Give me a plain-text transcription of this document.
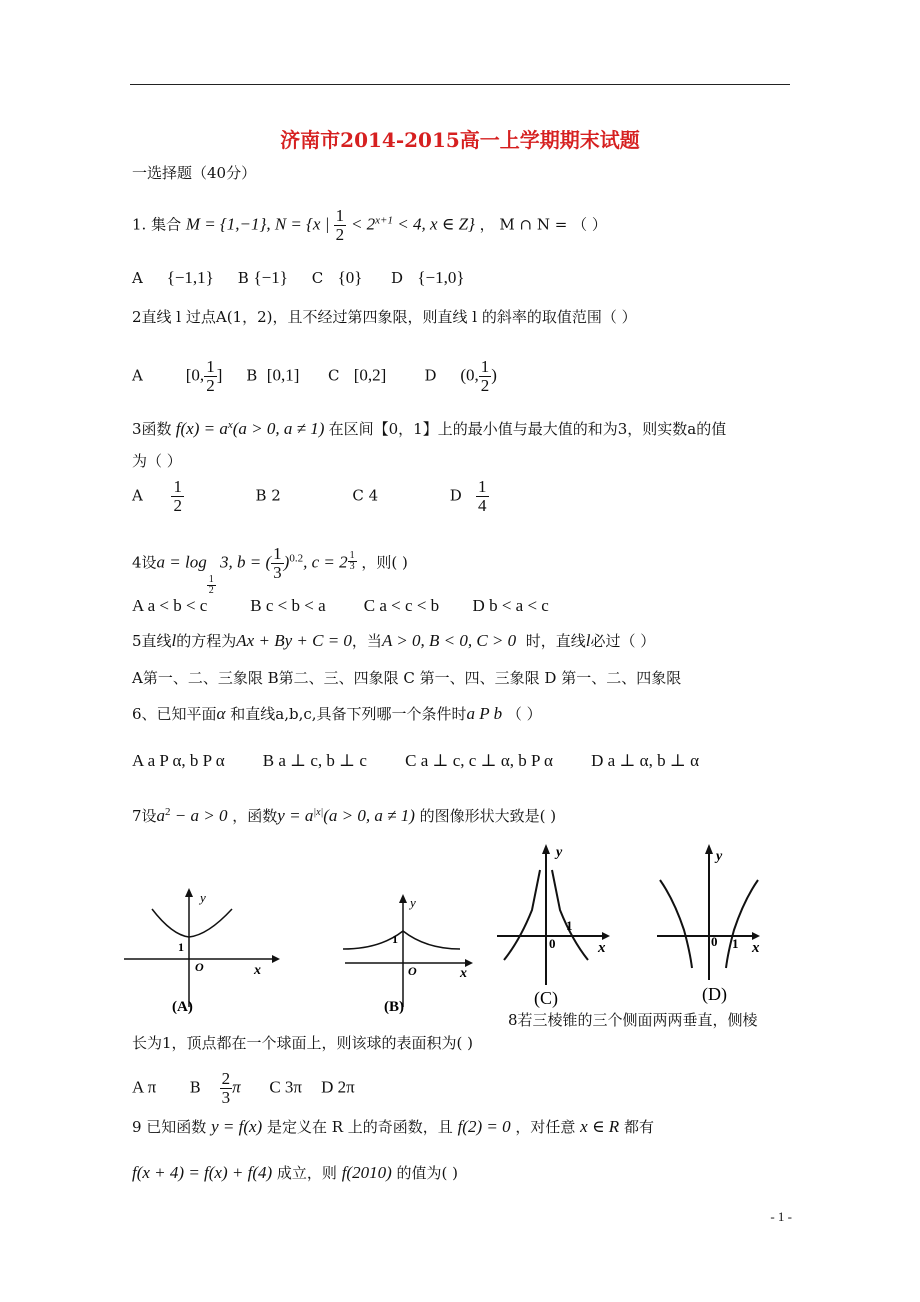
济南市2014-2015高一上学期期末试题
一选择题（40分）
1. 集合 M = {1,−1}, N = {x | $\frac{1}{2} < 2^{x+1} < 4$, x ∈ Z} ， M ∩ N = （ ）
A {−1,1} B {−1} C {0} D {−1,0}
2直线 l 过点A(1，2)，且不经过第四象限，则直线 l 的斜率的取值范围（ ）
A	[0, $\frac{1}{2}$ ] B [0,1] C [0,2]	D (0, $\frac{1}{2}$ )
3函数 $f(x) = a^x(a > 0$, a ≠ 1) 在区间【0，1】上的最小值与最大值的和为3，则实数a的值
为（ ）
A $\frac{1}{2}$	B 2	C 4	D $\frac{1}{4}$
4设a = log
$\frac{1}{2}$
3, b = ( $\frac{1}{3} )^{0.2}$, $c = 2 \frac{1}{3}$ ，则( )
A a < b < c	B c < b < a C a < c < b D b < a < c
5直线l的方程为Ax + By + C = 0，当A > 0, B < 0, C > 0 时，直线l必过（ ）
A第一、二、三象限 B第二、三、四象限 C 第一、四、三象限 D 第一、二、四象限
6、已知平面α 和直线a,b,c,具备下列哪一个条件时a P b （ ）
A a P α, b P α B a ⊥ c, b ⊥ c C a ⊥ c, c ⊥ α, b P α D a ⊥ α, b ⊥ α
7设$a^2 - a > 0$ ，函数$y = a^{|x|}(a > 0$, a ≠ 1) 的图像形状大致是( )
y
1
O	x
(A)
y
1
O	x
(B)
y
1
0	x
(C)
y
1
0 x
(D)
8若三棱锥的三个侧面两两垂直，侧棱
长为1，顶点都在一个球面上，则该球的表面积为( )
A π B $\frac{2}{3}$ π C 3π D 2π
9 已知函数 y = f(x) 是定义在 R 上的奇函数，且 f(2) = 0 ，对任意 x ∈ R 都有
f(x + 4) = f(x) + f(4) 成立，则 f(2010) 的值为( )
- 1 -
